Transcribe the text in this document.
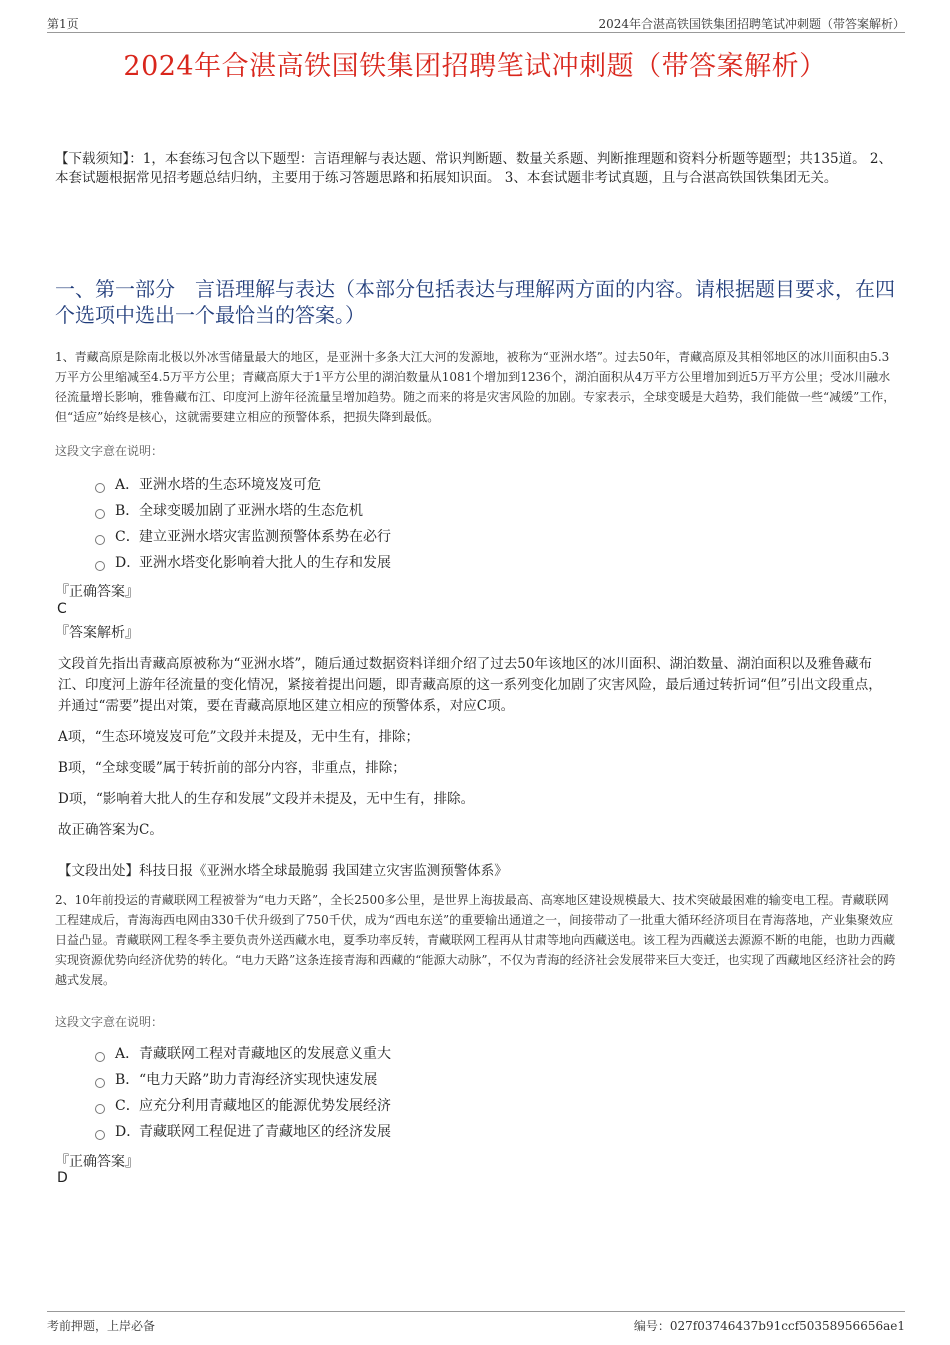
第1页	2024年合湛高铁国铁集团招聘笔试冲刺题（带答案解析）
2024年合湛高铁国铁集团招聘笔试冲刺题（带答案解析）
【下载须知】：1，本套练习包含以下题型：言语理解与表达题、常识判断题、数量关系题、判断推理题和资料分析题等题型；共135道。 2、本套试题根据常见招考题总结归纳，主要用于练习答题思路和拓展知识面。 3、本套试题非考试真题，且与合湛高铁国铁集团无关。
一、第一部分　言语理解与表达（本部分包括表达与理解两方面的内容。请根据题目要求，在四个选项中选出一个最恰当的答案。）
1、青藏高原是除南北极以外冰雪储量最大的地区，是亚洲十多条大江大河的发源地，被称为“亚洲水塔”。过去50年，青藏高原及其相邻地区的冰川面积由5.3万平方公里缩减至4.5万平方公里；青藏高原大于1平方公里的湖泊数量从1081个增加到1236个，湖泊面积从4万平方公里增加到近5万平方公里；受冰川融水径流量增长影响，雅鲁藏布江、印度河上游年径流量呈增加趋势。随之而来的将是灾害风险的加剧。专家表示，全球变暖是大趋势，我们能做一些“减缓”工作，但“适应”始终是核心，这就需要建立相应的预警体系，把损失降到最低。
这段文字意在说明：
A． 亚洲水塔的生态环境岌岌可危
B． 全球变暖加剧了亚洲水塔的生态危机
C． 建立亚洲水塔灾害监测预警体系势在必行
D．
亚洲水塔变化影响着大批人的生存和发展
『正确答案』
C
『答案解析』

文段首先指出青藏高原被称为“亚洲水塔”，随后通过数据资料详细介绍了过去50年该地区的冰川面积、湖泊数量、湖泊面积以及雅鲁藏布江、印度河上游年径流量的变化情况，紧接着提出问题，即青藏高原的这一系列变化加剧了灾害风险，最后通过转折词“但”引出文段重点，并通过“需要”提出对策，要在青藏高原地区建立相应的预警体系，对应C项。

A项，“生态环境岌岌可危”文段并未提及，无中生有，排除；

B项，“全球变暖”属于转折前的部分内容，非重点，排除；

D项，“影响着大批人的生存和发展”文段并未提及，无中生有，排除。

故正确答案为C。

【文段出处】科技日报《亚洲水塔全球最脆弱 我国建立灾害监测预警体系》
2、10年前投运的青藏联网工程被誉为“电力天路”，全长2500多公里，是世界上海拔最高、高寒地区建设规模最大、技术突破最困难的输变电工程。青藏联网工程建成后，青海海西电网由330千伏升级到了750千伏，成为“西电东送”的重要输出通道之一，间接带动了一批重大循环经济项目在青海落地，产业集聚效应日益凸显。青藏联网工程冬季主要负责外送西藏水电，夏季功率反转，青藏联网工程再从甘肃等地向西藏送电。该工程为西藏送去源源不断的电能，也助力西藏实现资源优势向经济优势的转化。“电力天路”这条连接青海和西藏的“能源大动脉”，不仅为青海的经济社会发展带来巨大变迁，也实现了西藏地区经济社会的跨越式发展。
这段文字意在说明：
A． 青藏联网工程对青藏地区的发展意义重大
B． “电力天路”助力青海经济实现快速发展
C． 应充分利用青藏地区的能源优势发展经济
D．
青藏联网工程促进了青藏地区的经济发展
『正确答案』
D
考前押题，上岸必备	编号：027f03746437b91ccf50358956656ae1
